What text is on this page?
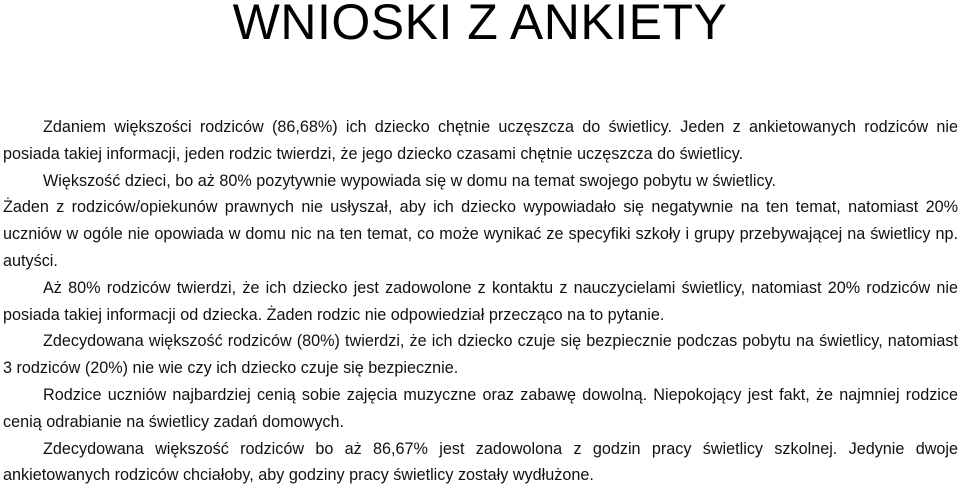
WNIOSKI Z ANKIETY

Zdaniem większości rodziców (86,68%) ich dziecko chętnie uczęszcza do świetlicy. Jeden z ankietowanych rodziców nie posiada takiej informacji, jeden rodzic twierdzi, że jego dziecko czasami chętnie uczęszcza do świetlicy.

Większość dzieci, bo aż 80% pozytywnie wypowiada się w domu na temat swojego pobytu w świetlicy.

Żaden z rodziców/opiekunów prawnych nie usłyszał, aby ich dziecko wypowiadało się negatywnie na ten temat, natomiast 20% uczniów w ogóle nie opowiada w domu nic na ten temat, co może wynikać ze specyfiki szkoły i grupy przebywającej na świetlicy np. autyści.

Aż 80% rodziców twierdzi, że ich dziecko jest zadowolone z kontaktu z nauczycielami świetlicy, natomiast 20% rodziców nie posiada takiej informacji od dziecka. Żaden rodzic nie odpowiedział przecząco na to pytanie.

Zdecydowana większość rodziców (80%) twierdzi, że ich dziecko czuje się bezpiecznie podczas pobytu na świetlicy, natomiast 3 rodziców (20%) nie wie czy ich dziecko czuje się bezpiecznie.

Rodzice uczniów najbardziej cenią sobie zajęcia muzyczne oraz zabawę dowolną. Niepokojący jest fakt, że najmniej rodzice cenią odrabianie na świetlicy zadań domowych.

Zdecydowana większość rodziców bo aż 86,67% jest zadowolona z godzin pracy świetlicy szkolnej. Jedynie dwoje ankietowanych rodziców chciałoby, aby godziny pracy świetlicy zostały wydłużone.
